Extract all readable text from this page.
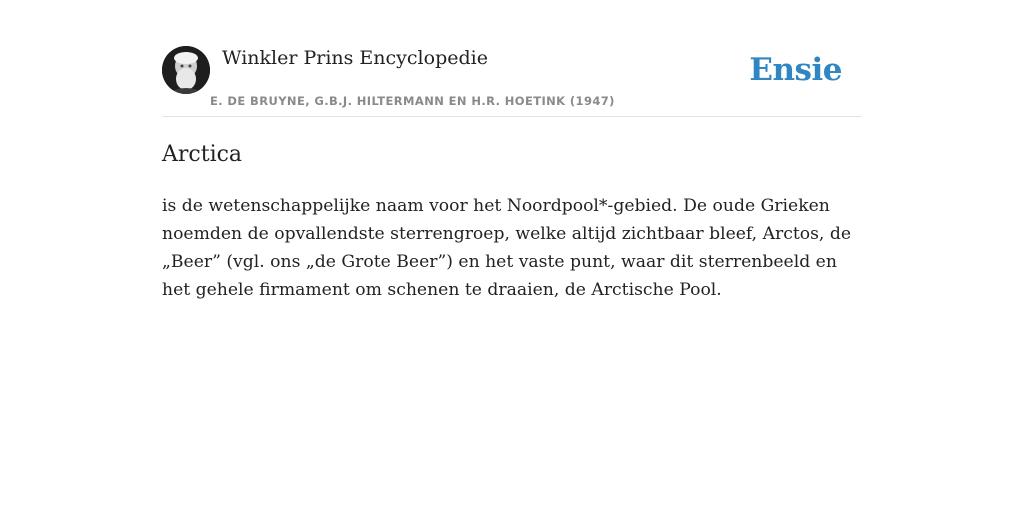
Winkler Prins Encyclopedie
E. DE BRUYNE, G.B.J. HILTERMANN EN H.R. HOETINK (1947)
Ensie
Arctica

is de wetenschappelijke naam voor het Noordpool*-gebied. De oude Grieken noemden de opvallendste sterrengroep, welke altijd zichtbaar bleef, Arctos, de „Beer” (vgl. ons „de Grote Beer”) en het vaste punt, waar dit sterrenbeeld en het gehele firmament om schenen te draaien, de Arctische Pool.
